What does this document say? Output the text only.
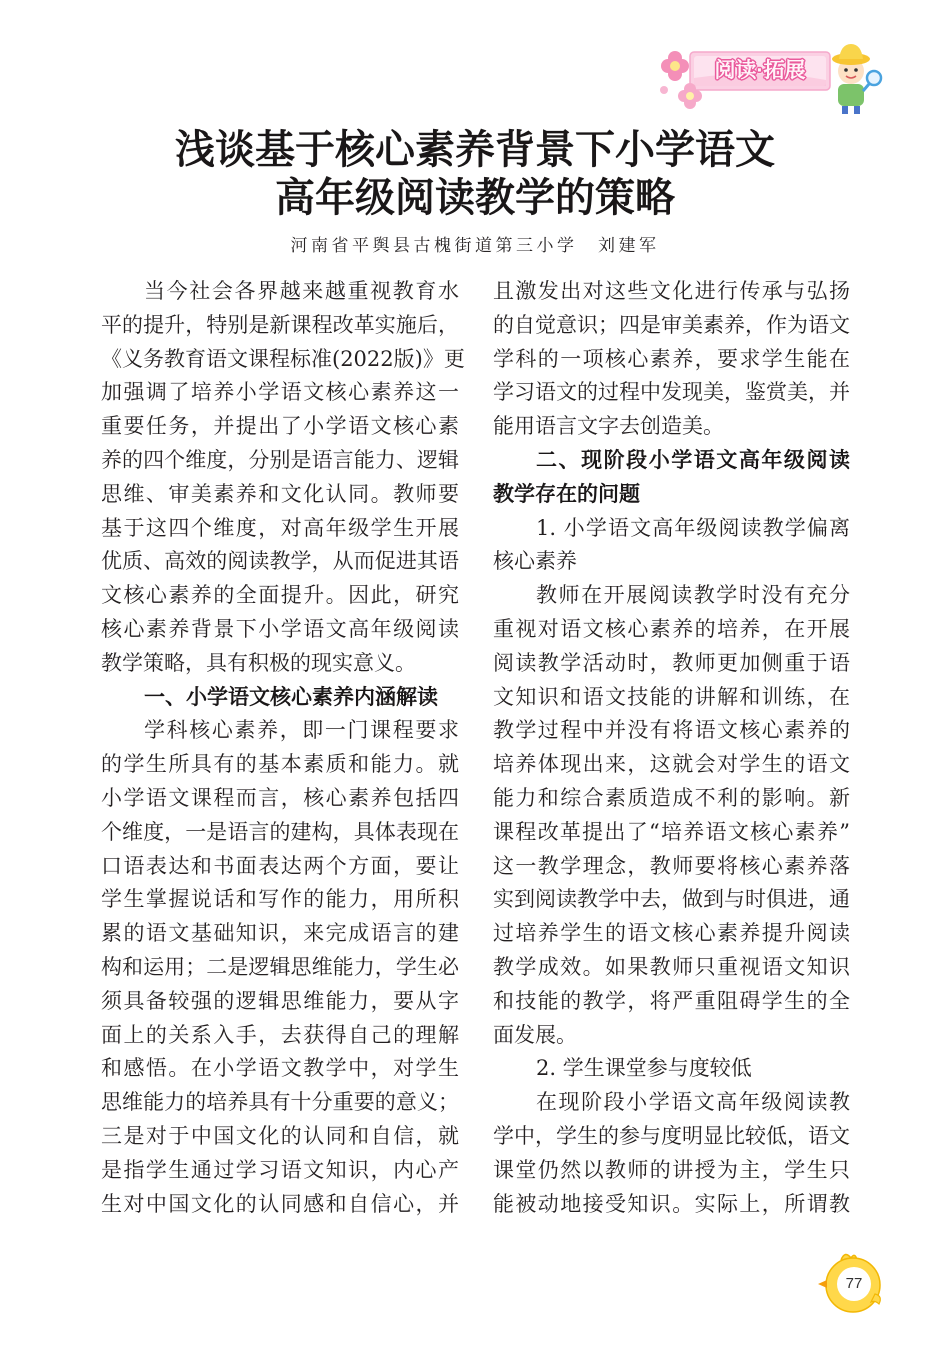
阅读·拓展
浅谈基于核心素养背景下小学语文
高年级阅读教学的策略
河南省平舆县古槐街道第三小学　刘建军
当今社会各界越来越重视教育水
平的提升，特别是新课程改革实施后，
《义务教育语文课程标准(2022版)》更
加强调了培养小学语文核心素养这一
重要任务，并提出了小学语文核心素
养的四个维度，分别是语言能力、逻辑
思维、审美素养和文化认同。教师要
基于这四个维度，对高年级学生开展
优质、高效的阅读教学，从而促进其语
文核心素养的全面提升。因此，研究
核心素养背景下小学语文高年级阅读
教学策略，具有积极的现实意义。
一、小学语文核心素养内涵解读
学科核心素养，即一门课程要求
的学生所具有的基本素质和能力。就
小学语文课程而言，核心素养包括四
个维度，一是语言的建构，具体表现在
口语表达和书面表达两个方面，要让
学生掌握说话和写作的能力，用所积
累的语文基础知识，来完成语言的建
构和运用；二是逻辑思维能力，学生必
须具备较强的逻辑思维能力，要从字
面上的关系入手，去获得自己的理解
和感悟。在小学语文教学中，对学生
思维能力的培养具有十分重要的意义；
三是对于中国文化的认同和自信，就
是指学生通过学习语文知识，内心产
生对中国文化的认同感和自信心，并
且激发出对这些文化进行传承与弘扬
的自觉意识；四是审美素养，作为语文
学科的一项核心素养，要求学生能在
学习语文的过程中发现美，鉴赏美，并
能用语言文字去创造美。
二、现阶段小学语文高年级阅读
教学存在的问题
1. 小学语文高年级阅读教学偏离
核心素养
教师在开展阅读教学时没有充分
重视对语文核心素养的培养，在开展
阅读教学活动时，教师更加侧重于语
文知识和语文技能的讲解和训练，在
教学过程中并没有将语文核心素养的
培养体现出来，这就会对学生的语文
能力和综合素质造成不利的影响。新
课程改革提出了“培养语文核心素养”
这一教学理念，教师要将核心素养落
实到阅读教学中去，做到与时俱进，通
过培养学生的语文核心素养提升阅读
教学成效。如果教师只重视语文知识
和技能的教学，将严重阻碍学生的全
面发展。
2. 学生课堂参与度较低
在现阶段小学语文高年级阅读教
学中，学生的参与度明显比较低，语文
课堂仍然以教师的讲授为主，学生只
能被动地接受知识。实际上，所谓教
77
